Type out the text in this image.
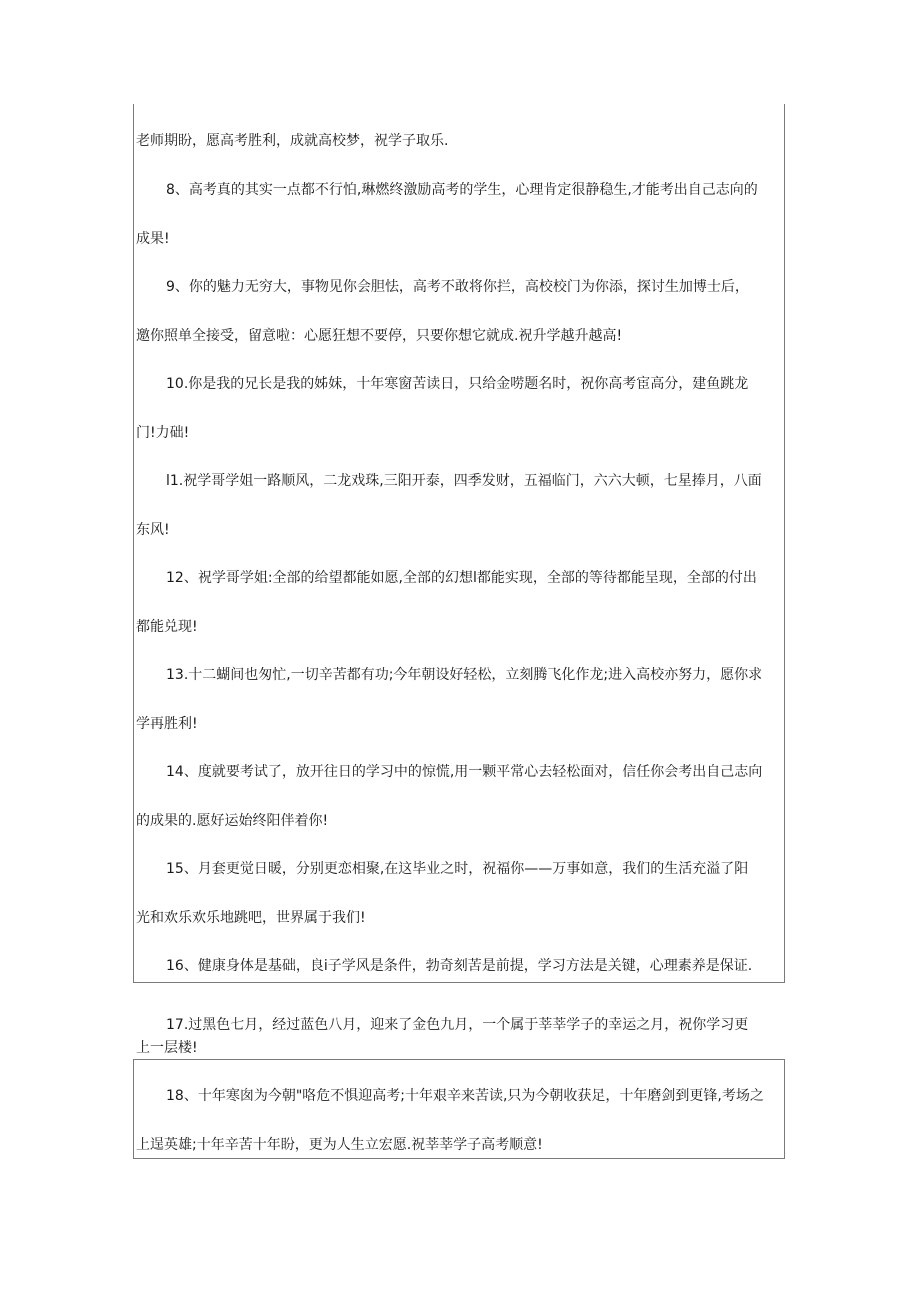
老师期盼，愿高考胜利，成就高校梦，祝学子取乐.
8、高考真的其实一点都不行怕,琳燃终激励高考的学生，心理肯定很静稳生,才能考出自己志向的
成果!
9、你的魅力无穷大，事物见你会胆怯，高考不敢将你拦，高校校门为你添，探讨生加博士后，
邀你照单全接受，留意啦：心愿狂想不要停，只要你想它就成.祝升学越升越高!
10.你是我的兄长是我的姊妹，十年寒窗苦读日，只给金唠题名时，祝你高考宦高分，建鱼跳龙
门!力础!
l1.祝学哥学姐一路顺风，二龙戏珠,三阳开泰，四季发财，五福临门，六六大顿，七星捧月，八面
东风!
12、祝学哥学姐:全部的给望都能如愿,全部的幻想l都能实现，全部的等待都能呈现，全部的付出
都能兑现!
13.十二蝴间也匆忙,一切辛苦都有功;今年朝设好轻松，立刻腾飞化作龙;进入高校亦努力，愿你求
学再胜利!
14、度就要考试了，放开往日的学习中的惊慌,用一颗平常心去轻松面对，信任你会考出自己志向
的成果的.愿好运始终阳伴着你!
15、月套更觉日暖，分别更恋相聚,在这毕业之时，祝福你——万事如意，我们的生活充溢了阳
光和欢乐欢乐地跳吧，世界属于我们!
16、健康身体是基础，良i子学风是条件，勃奇刻苦是前提，学习方法是关键，心理素养是保证.
17.过黑色七月，经过蓝色八月，迎来了金色九月，一个属于莘莘学子的幸运之月，祝你学习更
上一层楼!
18、十年寒囱为今朝"咯危不惧迎高考;十年艰辛来苦读,只为今朝收获足，十年磨剑到更锋,考场之
上逞英雄;十年辛苦十年盼，更为人生立宏愿.祝莘莘学子高考顺意!
